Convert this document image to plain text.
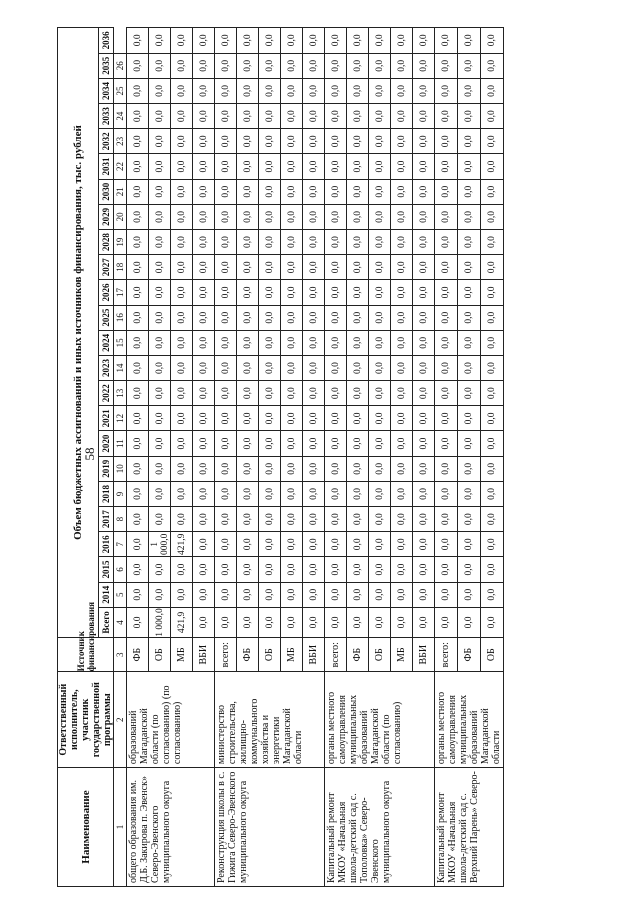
58
Наименование	Ответственный исполнитель, участник государственной программы	Источник финансирования	Объем бюджетных ассигнований и иных источников финансирования, тыс. рублей																							
			Всего	2014	2015	2016	2017	2018	2019	2020	2021	2022	2023	2024	2025	2026	2027	2028	2029	2030	2031	2032	2033	2034	2035	2036
1	2	3	4	5	6	7	8	9	10	11	12	13	14	15	16	17	18	19	20	21	22	23	24	25	26	
общего образования им. Д.Б. Закирова п. Эвенск» Северо-Эвенского муниципального округа	образований Магаданской области (по согласованию) (по согласованию)	ФБ	0,0	0,0	0,0	0,0	0,0	0,0	0,0	0,0	0,0	0,0	0,0	0,0	0,0	0,0	0,0	0,0	0,0	0,0	0,0	0,0	0,0	0,0	0,0	0,0
		ОБ	1 000,0	0,0	0,0	1 000,0	0,0	0,0	0,0	0,0	0,0	0,0	0,0	0,0	0,0	0,0	0,0	0,0	0,0	0,0	0,0	0,0	0,0	0,0	0,0	0,0
		МБ	421,9	0,0	0,0	421,9	0,0	0,0	0,0	0,0	0,0	0,0	0,0	0,0	0,0	0,0	0,0	0,0	0,0	0,0	0,0	0,0	0,0	0,0	0,0	0,0
		ВБИ	0,0	0,0	0,0	0,0	0,0	0,0	0,0	0,0	0,0	0,0	0,0	0,0	0,0	0,0	0,0	0,0	0,0	0,0	0,0	0,0	0,0	0,0	0,0	0,0
Реконструкция школы в с. Гижига Северо-Эвенского муниципального округа	министерство строительства, жилищно-коммунального хозяйства и энергетики Магаданской области	всего:	0,0	0,0	0,0	0,0	0,0	0,0	0,0	0,0	0,0	0,0	0,0	0,0	0,0	0,0	0,0	0,0	0,0	0,0	0,0	0,0	0,0	0,0	0,0	0,0
		ФБ	0,0	0,0	0,0	0,0	0,0	0,0	0,0	0,0	0,0	0,0	0,0	0,0	0,0	0,0	0,0	0,0	0,0	0,0	0,0	0,0	0,0	0,0	0,0	0,0
		ОБ	0,0	0,0	0,0	0,0	0,0	0,0	0,0	0,0	0,0	0,0	0,0	0,0	0,0	0,0	0,0	0,0	0,0	0,0	0,0	0,0	0,0	0,0	0,0	0,0
		МБ	0,0	0,0	0,0	0,0	0,0	0,0	0,0	0,0	0,0	0,0	0,0	0,0	0,0	0,0	0,0	0,0	0,0	0,0	0,0	0,0	0,0	0,0	0,0	0,0
		ВБИ	0,0	0,0	0,0	0,0	0,0	0,0	0,0	0,0	0,0	0,0	0,0	0,0	0,0	0,0	0,0	0,0	0,0	0,0	0,0	0,0	0,0	0,0	0,0	0,0
Капитальный ремонт МКОУ «Начальная школа-детский сад с. Тополовка» Северо-Эвенского муниципального округа	органы местного самоуправления муниципальных образований Магаданской области (по согласованию)	всего:	0,0	0,0	0,0	0,0	0,0	0,0	0,0	0,0	0,0	0,0	0,0	0,0	0,0	0,0	0,0	0,0	0,0	0,0	0,0	0,0	0,0	0,0	0,0	0,0
		ФБ	0,0	0,0	0,0	0,0	0,0	0,0	0,0	0,0	0,0	0,0	0,0	0,0	0,0	0,0	0,0	0,0	0,0	0,0	0,0	0,0	0,0	0,0	0,0	0,0
		ОБ	0,0	0,0	0,0	0,0	0,0	0,0	0,0	0,0	0,0	0,0	0,0	0,0	0,0	0,0	0,0	0,0	0,0	0,0	0,0	0,0	0,0	0,0	0,0	0,0
		МБ	0,0	0,0	0,0	0,0	0,0	0,0	0,0	0,0	0,0	0,0	0,0	0,0	0,0	0,0	0,0	0,0	0,0	0,0	0,0	0,0	0,0	0,0	0,0	0,0
		ВБИ	0,0	0,0	0,0	0,0	0,0	0,0	0,0	0,0	0,0	0,0	0,0	0,0	0,0	0,0	0,0	0,0	0,0	0,0	0,0	0,0	0,0	0,0	0,0	0,0
Капитальный ремонт МКОУ «Начальная школа-детский сад с. Верхний Парень» Северо-	органы местного самоуправления муниципальных образований Магаданской области	всего:	0,0	0,0	0,0	0,0	0,0	0,0	0,0	0,0	0,0	0,0	0,0	0,0	0,0	0,0	0,0	0,0	0,0	0,0	0,0	0,0	0,0	0,0	0,0	0,0
		ФБ	0,0	0,0	0,0	0,0	0,0	0,0	0,0	0,0	0,0	0,0	0,0	0,0	0,0	0,0	0,0	0,0	0,0	0,0	0,0	0,0	0,0	0,0	0,0	0,0
		ОБ	0,0	0,0	0,0	0,0	0,0	0,0	0,0	0,0	0,0	0,0	0,0	0,0	0,0	0,0	0,0	0,0	0,0	0,0	0,0	0,0	0,0	0,0	0,0	0,0
